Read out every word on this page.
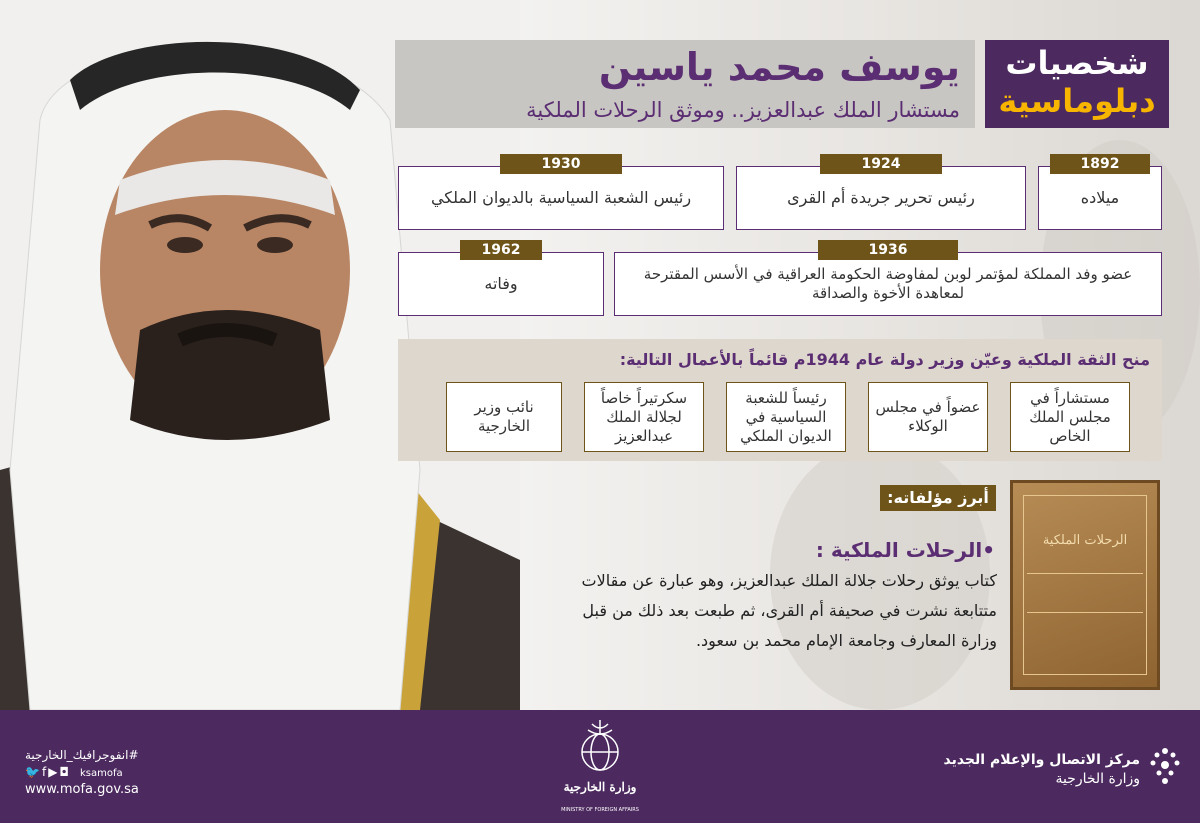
يوسف محمد ياسين
مستشار الملك عبدالعزيز.. وموثق الرحلات الملكية
شخصيات
دبلوماسية
ميلاده
1892
رئيس تحرير جريدة أم القرى
1924
رئيس الشعبة السياسية بالديوان الملكي
1930
عضو وفد المملكة لمؤتمر لوبن لمفاوضة الحكومة العراقية في الأسس المقترحة لمعاهدة الأخوة والصداقة
1936
وفاته
1962
منح الثقة الملكية وعيّن وزير دولة عام 1944م قائماً بالأعمال التالية:
مستشاراً في مجلس الملك الخاص
عضواً في مجلس الوكلاء
رئيساً للشعبة السياسية في الديوان الملكي
سكرتيراً خاصاً لجلالة الملك عبدالعزيز
نائب وزير الخارجية
أبرز مؤلفاته:
•الرحلات الملكية :
كتاب يوثق رحلات جلالة الملك عبدالعزيز، وهو عبارة عن مقالات متتابعة نشرت في صحيفة أم القرى، ثم طبعت بعد ذلك من قبل وزارة المعارف وجامعة الإمام محمد بن سعود.
الرحلات الملكية
مركز الاتصال والإعلام الجديد
وزارة الخارجية
وزارة الخارجية
MINISTRY OF FOREIGN AFFAIRS
#انفوجرافيك_الخارجية
🐦f▶◘ ksamofa
www.mofa.gov.sa
